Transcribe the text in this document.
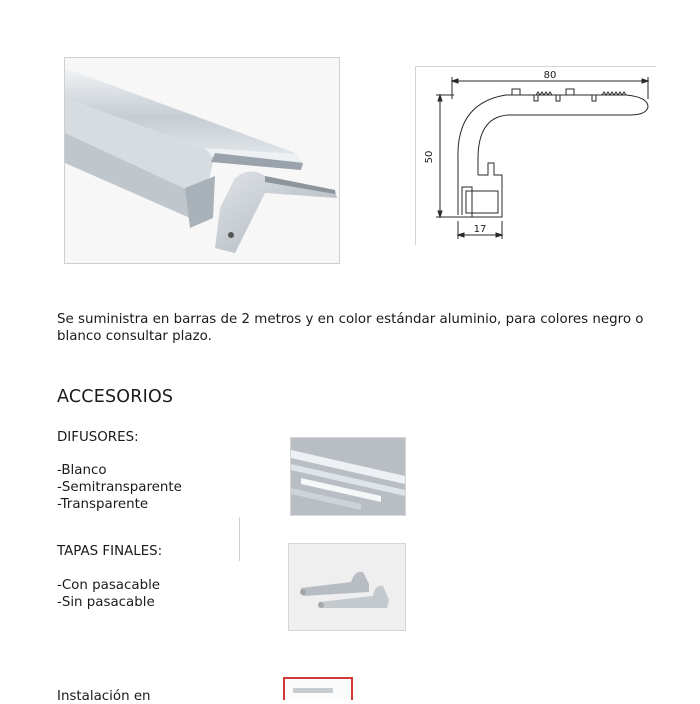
80
50
17
Se suministra en barras de 2 metros y en color estándar aluminio, para colores negro o blanco consultar plazo.
ACCESORIOS
DIFUSORES:
-Blanco
-Semitransparente
-Transparente
TAPAS FINALES:
-Con pasacable
-Sin pasacable
Instalación en
